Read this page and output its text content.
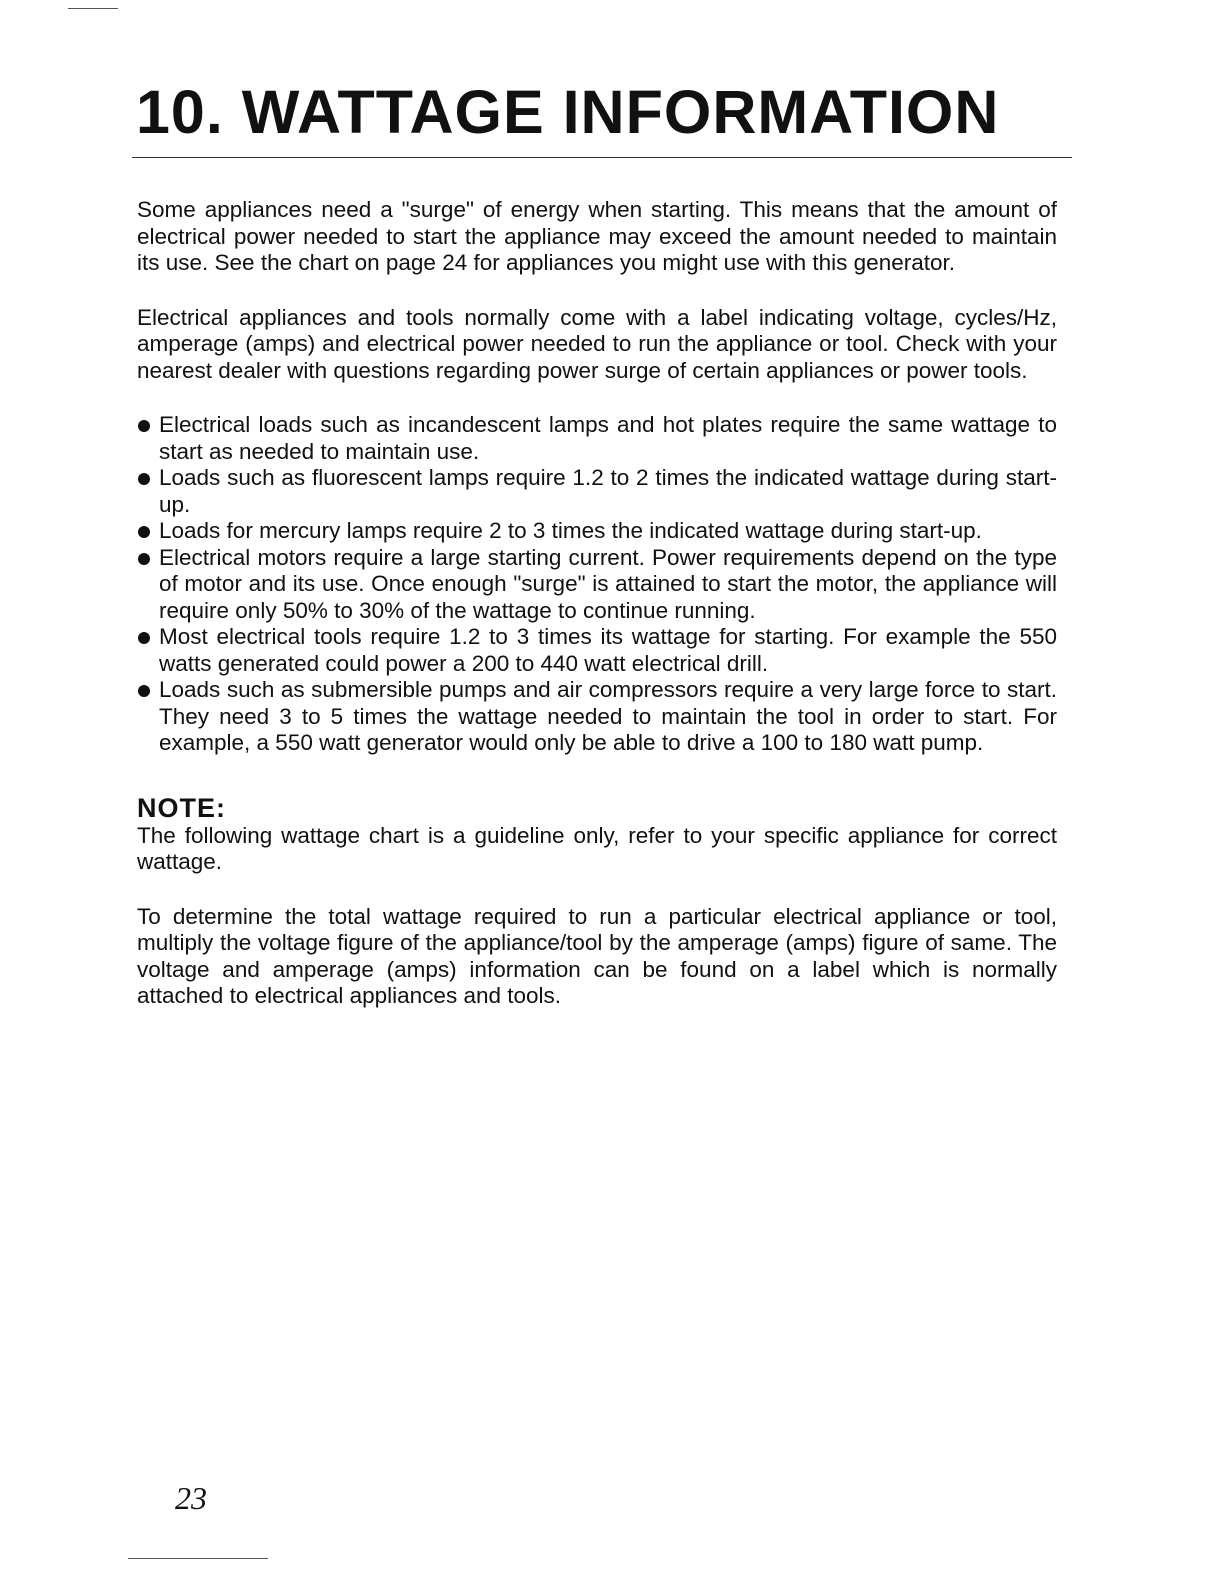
10. WATTAGE INFORMATION

Some appliances need a "surge" of energy when starting. This means that the amount of electrical power needed to start the appliance may exceed the amount needed to maintain its use. See the chart on page 24 for appliances you might use with this generator.

Electrical appliances and tools normally come with a label indicating voltage, cycles/Hz, amperage (amps) and electrical power needed to run the appliance or tool. Check with your nearest dealer with questions regarding power surge of certain appliances or power tools.

Electrical loads such as incandescent lamps and hot plates require the same wattage to start as needed to maintain use.
Loads such as fluorescent lamps require 1.2 to 2 times the indicated wattage during start-up.
Loads for mercury lamps require 2 to 3 times the indicated wattage during start-up.
Electrical motors require a large starting current. Power requirements depend on the type of motor and its use. Once enough "surge" is attained to start the motor, the appliance will require only 50% to 30% of the wattage to continue running.
Most electrical tools require 1.2 to 3 times its wattage for starting. For example the 550 watts generated could power a 200 to 440 watt electrical drill.
Loads such as submersible pumps and air compressors require a very large force to start. They need 3 to 5 times the wattage needed to maintain the tool in order to start. For example, a 550 watt generator would only be able to drive a 100 to 180 watt pump.
NOTE:

The following wattage chart is a guideline only, refer to your specific appliance for correct wattage.

To determine the total wattage required to run a particular electrical appliance or tool, multiply the voltage figure of the appliance/tool by the amperage (amps) figure of same. The voltage and amperage (amps) information can be found on a label which is normally attached to electrical appliances and tools.

23
